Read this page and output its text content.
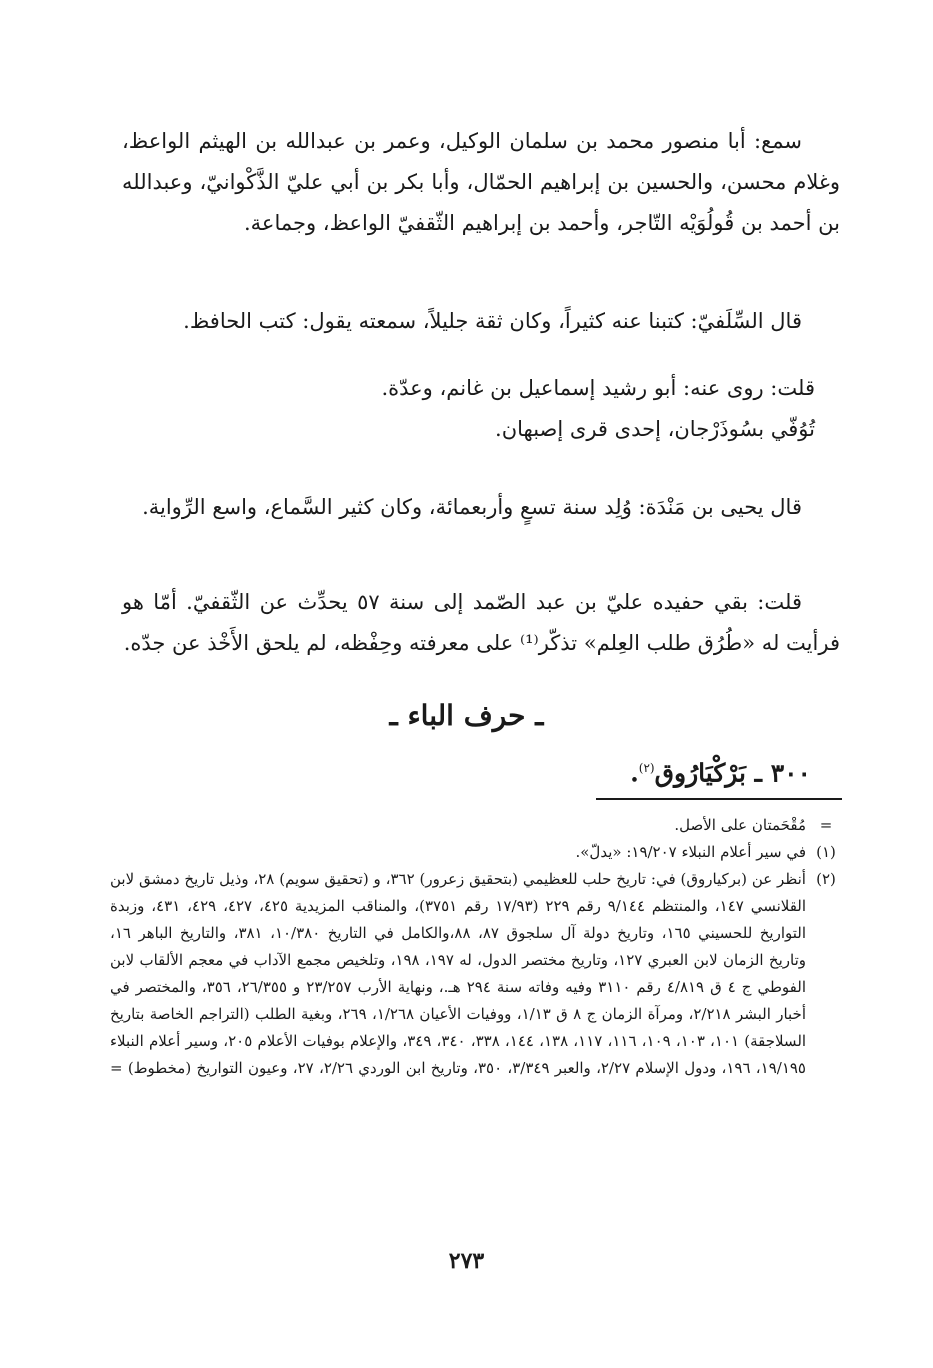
سمع: أبا منصور محمد بن سلمان الوكيل، وعمر بن عبدالله بن الهيثم الواعظ، وغلام محسن، والحسين بن إبراهيم الحمّال، وأبا بكر بن أبي عليّ الذَّكْوانيّ، وعبدالله بن أحمد بن قُولُوَيْه التّاجر، وأحمد بن إبراهيم الثّقفيّ الواعظ، وجماعة.

قال السِّلَفيّ: كتبنا عنه كثيراً، وكان ثقة جليلاً، سمعته يقول: كتب الحافظ.

قلت: روى عنه: أبو رشيد إسماعيل بن غانم، وعدّة.
تُوُفّي بسُوذَرْجان، إحدى قرى إصبهان.

قال يحيى بن مَنْدَة: وُلِد سنة تسعٍ وأربعمائة، وكان كثير السَّماع، واسع الرِّواية.

قلت: بقي حفيده عليّ بن عبد الصّمد إلى سنة ٥٧ يحدِّث عن الثّقفيّ. أمّا هو فرأيت له «طُرُق طلب العِلم» تذكّر⁽¹⁾ على معرفته وحِفْظه، لم يلحق الأَخْذ عن جدّه.

ـ حرف الباء ـ
٣٠٠ ـ بَرْكْيَارُوق$^{(٢)}$.
=
مُقْحَمتان على الأصل.
(١)
في سير أعلام النبلاء ١٩/٢٠٧: «يدلّ».
(٢)
أنظر عن (بركياروق) في: تاريخ حلب للعظيمي (بتحقيق زعرور) ٣٦٢، و (تحقيق سويم) ٢٨، وذيل تاريخ دمشق لابن القلانسي ١٤٧، والمنتظم ٩/١٤٤ رقم ٢٢٩ (١٧/٩٣ رقم ٣٧٥١)، والمناقب المزيدية ٤٢٥، ٤٢٧، ٤٢٩، ٤٣١، وزبدة التواريخ للحسيني ١٦٥، وتاريخ دولة آل سلجوق ٨٧، ٨٨،والكامل في التاريخ ١٠/٣٨٠، ٣٨١، والتاريخ الباهر ١٦، وتاريخ الزمان لابن العبري ١٢٧، وتاريخ مختصر الدول، له ١٩٧، ١٩٨، وتلخيص مجمع الآداب في معجم الألقاب لابن الفوطي ج ٤ ق ٤/٨١٩ رقم ٣١١٠ وفيه وفاته سنة ٢٩٤ هـ.، ونهاية الأرب ٢٣/٢٥٧ و ٢٦/٣٥٥، ٣٥٦، والمختصر في أخبار البشر ٢/٢١٨، ومرآة الزمان ج ٨ ق ١/١٣، ووفيات الأعيان ١/٢٦٨، ٢٦٩، وبغية الطلب (التراجم الخاصة بتاريخ السلاجقة) ١٠١، ١٠٣، ١٠٩، ١١٦، ١١٧، ١٣٨، ١٤٤، ٣٣٨، ٣٤٠، ٣٤٩، والإعلام بوفيات الأعلام ٢٠٥، وسير أعلام النبلاء ١٩/١٩٥، ١٩٦، ودول الإسلام ٢/٢٧، والعبر ٣/٣٤٩، ٣٥٠، وتاريخ ابن الوردي ٢/٢٦، ٢٧، وعيون التواريخ (مخطوط) =
٢٧٣
